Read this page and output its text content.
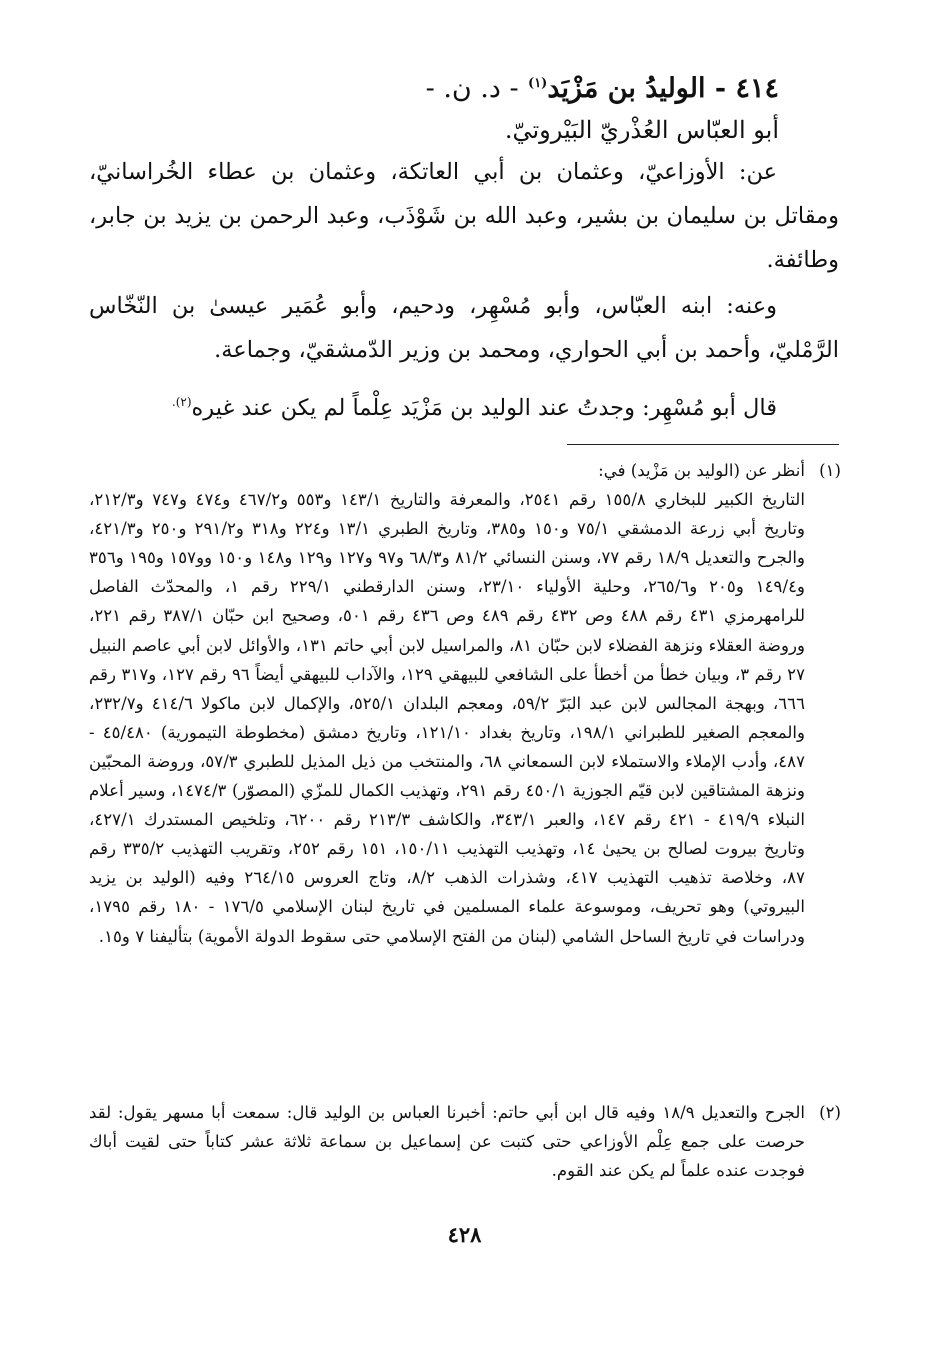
٤١٤ - الوليدُ بن مَزْيَد$^{(١)}$ - د. ن. -
أبو العبّاس العُذْريّ البَيْروتيّ.
عن: الأوزاعيّ، وعثمان بن أبي العاتكة، وعثمان بن عطاء الخُراسانيّ، ومقاتل بن سليمان بن بشير، وعبد الله بن شَوْذَب، وعبد الرحمن بن يزيد بن جابر، وطائفة.
وعنه: ابنه العبّاس، وأبو مُسْهِر، ودحيم، وأبو عُمَير عيسىٰ بن النّخّاس الرَّمْليّ، وأحمد بن أبي الحواري، ومحمد بن وزير الدّمشقيّ، وجماعة.
قال أبو مُسْهِر: وجدتُ عند الوليد بن مَزْيَد عِلْماً لم يكن عند غيره$^{(٢).}$
(١)
أنظر عن (الوليد بن مَزْيد) في:
التاريخ الكبير للبخاري ١٥٥/٨ رقم ٢٥٤١، والمعرفة والتاريخ ١٤٣/١ و٥٥٣ و٤٦٧/٢ و٤٧٤ و٧٤٧ و٢١٢/٣، وتاريخ أبي زرعة الدمشقي ٧٥/١ و١٥٠ و٣٨٥، وتاريخ الطبري ١٣/١ و٢٢٤ و٣١٨ و٢٩١/٢ و٢٥٠ و٤٢١/٣، والجرح والتعديل ١٨/٩ رقم ٧٧، وسنن النسائي ٨١/٢ و٦٨/٣ و٩٧ و١٢٧ و١٢٩ و١٤٨ و١٥٠ وو١٥٧ و١٩٥ و٣٥٦ و١٤٩/٤ و٢٠٥ و٢٦٥/٦، وحلية الأولياء ٢٣/١٠، وسنن الدارقطني ٢٢٩/١ رقم ١، والمحدّث الفاصل للرامهرمزي ٤٣١ رقم ٤٨٨ وص ٤٣٢ رقم ٤٨٩ وص ٤٣٦ رقم ٥٠١، وصحيح ابن حبّان ٣٨٧/١ رقم ٢٢١، وروضة العقلاء ونزهة الفضلاء لابن حبّان ٨١، والمراسيل لابن أبي حاتم ١٣١، والأوائل لابن أبي عاصم النبيل ٢٧ رقم ٣، وبيان خطأ من أخطأ على الشافعي للبيهقي ١٢٩، والآداب للبيهقي أيضاً ٩٦ رقم ١٢٧، و٣١٧ رقم ٦٦٦، وبهجة المجالس لابن عبد البَرّ ٥٩/٢، ومعجم البلدان ٥٢٥/١، والإكمال لابن ماكولا ٤١٤/٦ و٢٣٢/٧، والمعجم الصغير للطبراني ١٩٨/١، وتاريخ بغداد ١٢١/١٠، وتاريخ دمشق (مخطوطة التيمورية) ٤٥/٤٨٠ - ٤٨٧، وأدب الإملاء والاستملاء لابن السمعاني ٦٨، والمنتخب من ذيل المذيل للطبري ٥٧/٣، وروضة المحبّين ونزهة المشتاقين لابن قيّم الجوزية ٤٥٠/١ رقم ٢٩١، وتهذيب الكمال للمزّي (المصوّر) ١٤٧٤/٣، وسير أعلام النبلاء ٤١٩/٩ - ٤٢١ رقم ١٤٧، والعبر ٣٤٣/١، والكاشف ٢١٣/٣ رقم ٦٢٠٠، وتلخيص المستدرك ٤٢٧/١، وتاريخ بيروت لصالح بن يحيىٰ ١٤، وتهذيب التهذيب ١٥٠/١١، ١٥١ رقم ٢٥٢، وتقريب التهذيب ٣٣٥/٢ رقم ٨٧، وخلاصة تذهيب التهذيب ٤١٧، وشذرات الذهب ٨/٢، وتاج العروس ٢٦٤/١٥ وفيه (الوليد بن يزيد البيروتي) وهو تحريف، وموسوعة علماء المسلمين في تاريخ لبنان الإسلامي ١٧٦/٥ - ١٨٠ رقم ١٧٩٥، ودراسات في تاريخ الساحل الشامي (لبنان من الفتح الإسلامي حتى سقوط الدولة الأموية) بتأليفنا ٧ و١٥.
(٢)
الجرح والتعديل ١٨/٩ وفيه قال ابن أبي حاتم: أخبرنا العباس بن الوليد قال: سمعت أبا مسهر يقول: لقد حرصت على جمع عِلْم الأوزاعي حتى كتبت عن إسماعيل بن سماعة ثلاثة عشر كتاباً حتى لقيت أباك فوجدت عنده علماً لم يكن عند القوم.
٤٢٨
